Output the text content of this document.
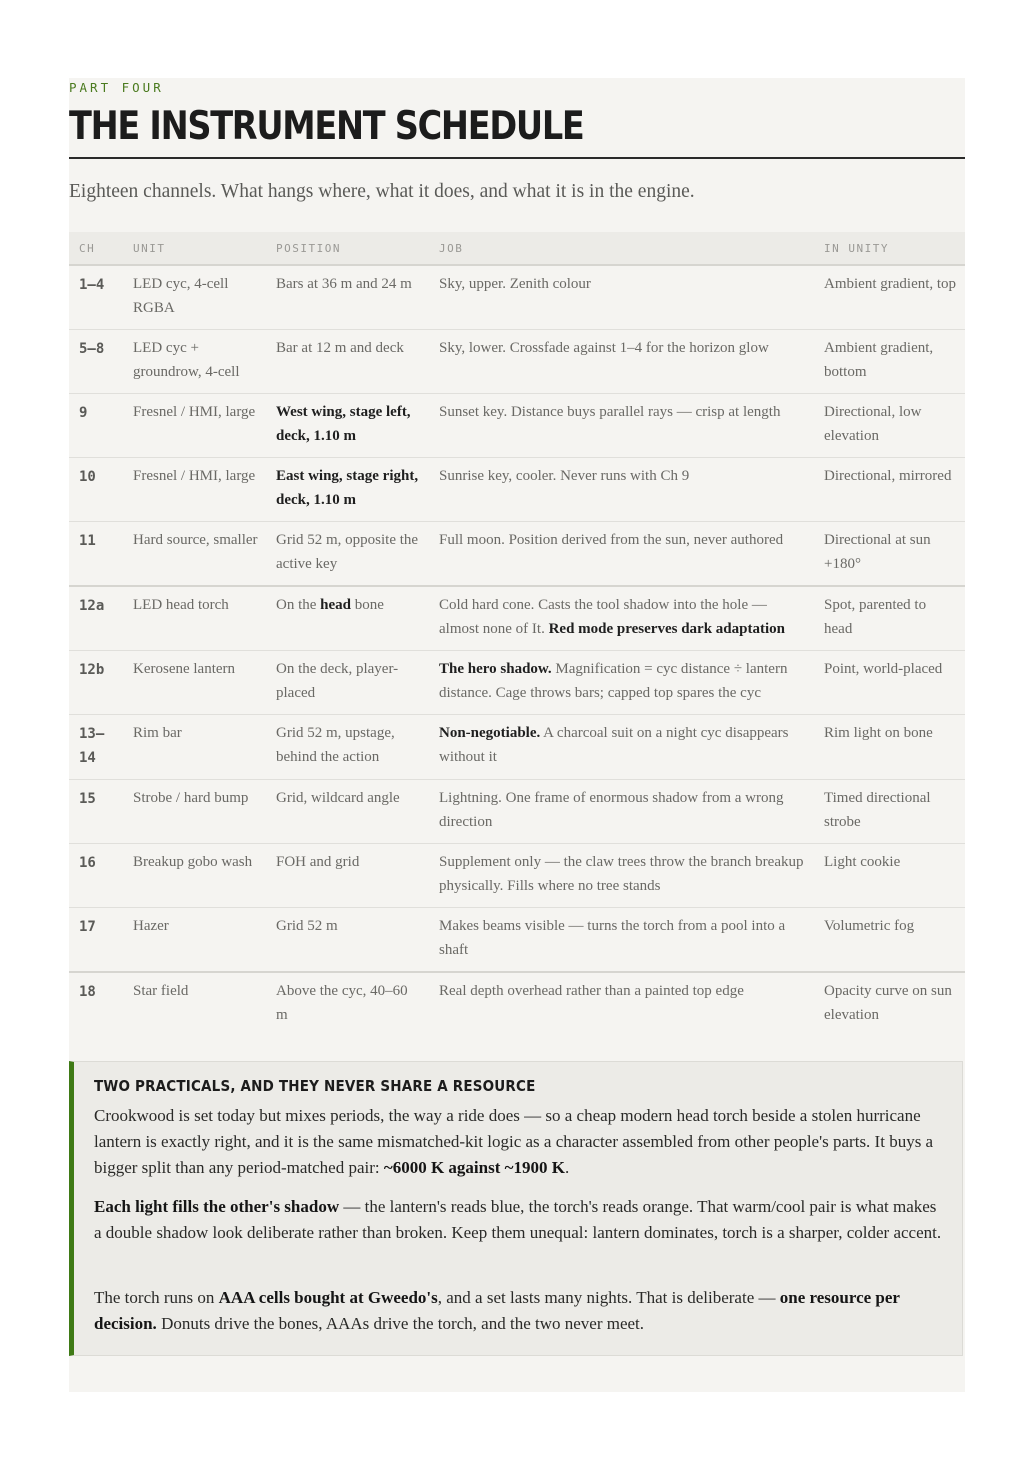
PART FOUR
THE INSTRUMENT SCHEDULE
Eighteen channels. What hangs where, what it does, and what it is in the engine.
CH	UNIT	POSITION	JOB	IN UNITY
1–4	LED cyc, 4-cell RGBA	Bars at 36 m and 24 m	Sky, upper. Zenith colour	Ambient gradient, top
5–8	LED cyc + groundrow, 4-cell	Bar at 12 m and deck	Sky, lower. Crossfade against 1–4 for the horizon glow	Ambient gradient, bottom
9	Fresnel / HMI, large	West wing, stage left, deck, 1.10 m	Sunset key. Distance buys parallel rays — crisp at length	Directional, low elevation
10	Fresnel / HMI, large	East wing, stage right, deck, 1.10 m	Sunrise key, cooler. Never runs with Ch 9	Directional, mirrored
11	Hard source, smaller	Grid 52 m, opposite the active key	Full moon. Position derived from the sun, never authored	Directional at sun +180°
12a	LED head torch	On the head bone	Cold hard cone. Casts the tool shadow into the hole — almost none of It. Red mode preserves dark adaptation	Spot, parented to head
12b	Kerosene lantern	On the deck, player-placed	The hero shadow. Magnification = cyc distance ÷ lantern distance. Cage throws bars; capped top spares the cyc	Point, world-placed
13–14	Rim bar	Grid 52 m, upstage, behind the action	Non-negotiable. A charcoal suit on a night cyc disappears without it	Rim light on bone
15	Strobe / hard bump	Grid, wildcard angle	Lightning. One frame of enormous shadow from a wrong direction	Timed directional strobe
16	Breakup gobo wash	FOH and grid	Supplement only — the claw trees throw the branch breakup physically. Fills where no tree stands	Light cookie
17	Hazer	Grid 52 m	Makes beams visible — turns the torch from a pool into a shaft	Volumetric fog
18	Star field	Above the cyc, 40–60 m	Real depth overhead rather than a painted top edge	Opacity curve on sun elevation
TWO PRACTICALS, AND THEY NEVER SHARE A RESOURCE

Crookwood is set today but mixes periods, the way a ride does — so a cheap modern head torch beside a stolen hurricane lantern is exactly right, and it is the same mismatched-kit logic as a character assembled from other people's parts. It buys a bigger split than any period-matched pair: ~6000 K against ~1900 K.

Each light fills the other's shadow — the lantern's reads blue, the torch's reads orange. That warm/cool pair is what makes a double shadow look deliberate rather than broken. Keep them unequal: lantern dominates, torch is a sharper, colder accent.

The torch runs on AAA cells bought at Gweedo's, and a set lasts many nights. That is deliberate — one resource per decision. Donuts drive the bones, AAAs drive the torch, and the two never meet.
